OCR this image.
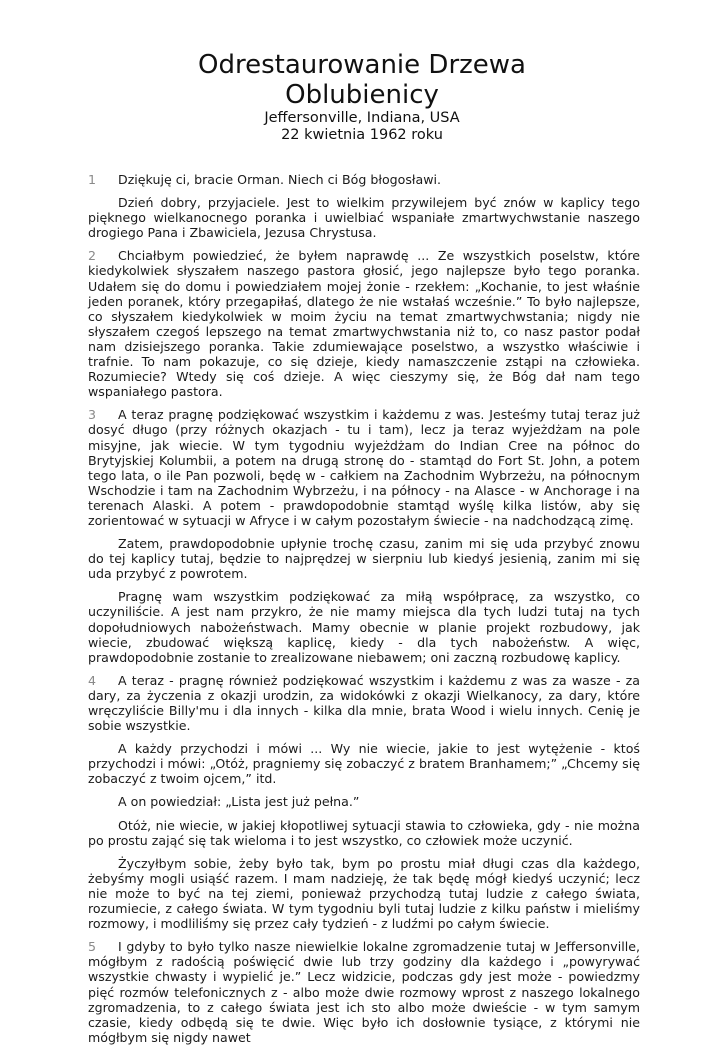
Odrestaurowanie Drzewa
Oblubienicy
Jeffersonville, Indiana, USA
22 kwietnia 1962 roku

1 Dziękuję ci, bracie Orman. Niech ci Bóg błogosławi.

Dzień dobry, przyjaciele. Jest to wielkim przywilejem być znów w kaplicy tego pięknego wielkanocnego poranka i uwielbiać wspaniałe zmartwychwstanie naszego drogiego Pana i Zbawiciela, Jezusa Chrystusa.

2 Chciałbym powiedzieć, że byłem naprawdę ... Ze wszystkich poselstw, które kiedykolwiek słyszałem naszego pastora głosić, jego najlepsze było tego poranka. Udałem się do domu i powiedziałem mojej żonie - rzekłem: „Kochanie, to jest właśnie jeden poranek, który przegapiłaś, dlatego że nie wstałaś wcześnie.” To było najlepsze, co słyszałem kiedykolwiek w moim życiu na temat zmartwychwstania; nigdy nie słyszałem czegoś lepszego na temat zmartwychwstania niż to, co nasz pastor podał nam dzisiejszego poranka. Takie zdumiewające poselstwo, a wszystko właściwie i trafnie. To nam pokazuje, co się dzieje, kiedy namaszczenie zstąpi na człowieka. Rozumiecie? Wtedy się coś dzieje. A więc cieszymy się, że Bóg dał nam tego wspaniałego pastora.

3 A teraz pragnę podziękować wszystkim i każdemu z was. Jesteśmy tutaj teraz już dosyć długo (przy różnych okazjach - tu i tam), lecz ja teraz wyjeżdżam na pole misyjne, jak wiecie. W tym tygodniu wyjeżdżam do Indian Cree na północ do Brytyjskiej Kolumbii, a potem na drugą stronę do - stamtąd do Fort St. John, a potem tego lata, o ile Pan pozwoli, będę w - całkiem na Zachodnim Wybrzeżu, na północnym Wschodzie i tam na Zachodnim Wybrzeżu, i na północy - na Alasce - w Anchorage i na terenach Alaski. A potem - prawdopodobnie stamtąd wyślę kilka listów, aby się zorientować w sytuacji w Afryce i w całym pozostałym świecie - na nadchodzącą zimę.

Zatem, prawdopodobnie upłynie trochę czasu, zanim mi się uda przybyć znowu do tej kaplicy tutaj, będzie to najprędzej w sierpniu lub kiedyś jesienią, zanim mi się uda przybyć z powrotem.

Pragnę wam wszystkim podziękować za miłą współpracę, za wszystko, co uczyniliście. A jest nam przykro, że nie mamy miejsca dla tych ludzi tutaj na tych dopołudniowych nabożeństwach. Mamy obecnie w planie projekt rozbudowy, jak wiecie, zbudować większą kaplicę, kiedy - dla tych nabożeństw. A więc, prawdopodobnie zostanie to zrealizowane niebawem; oni zaczną rozbudowę kaplicy.

4 A teraz - pragnę również podziękować wszystkim i każdemu z was za wasze - za dary, za życzenia z okazji urodzin, za widokówki z okazji Wielkanocy, za dary, które wręczyliście Billy'mu i dla innych - kilka dla mnie, brata Wood i wielu innych. Cenię je sobie wszystkie.

A każdy przychodzi i mówi ... Wy nie wiecie, jakie to jest wytężenie - ktoś przychodzi i mówi: „Otóż, pragniemy się zobaczyć z bratem Branhamem;” „Chcemy się zobaczyć z twoim ojcem,” itd.

A on powiedział: „Lista jest już pełna.”

Otóż, nie wiecie, w jakiej kłopotliwej sytuacji stawia to człowieka, gdy - nie można po prostu zająć się tak wieloma i to jest wszystko, co człowiek może uczynić.

Życzyłbym sobie, żeby było tak, bym po prostu miał długi czas dla każdego, żebyśmy mogli usiąść razem. I mam nadzieję, że tak będę mógł kiedyś uczynić; lecz nie może to być na tej ziemi, ponieważ przychodzą tutaj ludzie z całego świata, rozumiecie, z całego świata. W tym tygodniu byli tutaj ludzie z kilku państw i mieliśmy rozmowy, i modliliśmy się przez cały tydzień - z ludźmi po całym świecie.

5 I gdyby to było tylko nasze niewielkie lokalne zgromadzenie tutaj w Jeffersonville, mógłbym z radością poświęcić dwie lub trzy godziny dla każdego i „powyrywać wszystkie chwasty i wypielić je.” Lecz widzicie, podczas gdy jest może - powiedzmy pięć rozmów telefonicznych z - albo może dwie rozmowy wprost z naszego lokalnego zgromadzenia, to z całego świata jest ich sto albo może dwieście - w tym samym czasie, kiedy odbędą się te dwie. Więc było ich dosłownie tysiące, z którymi nie mógłbym się nigdy nawet
